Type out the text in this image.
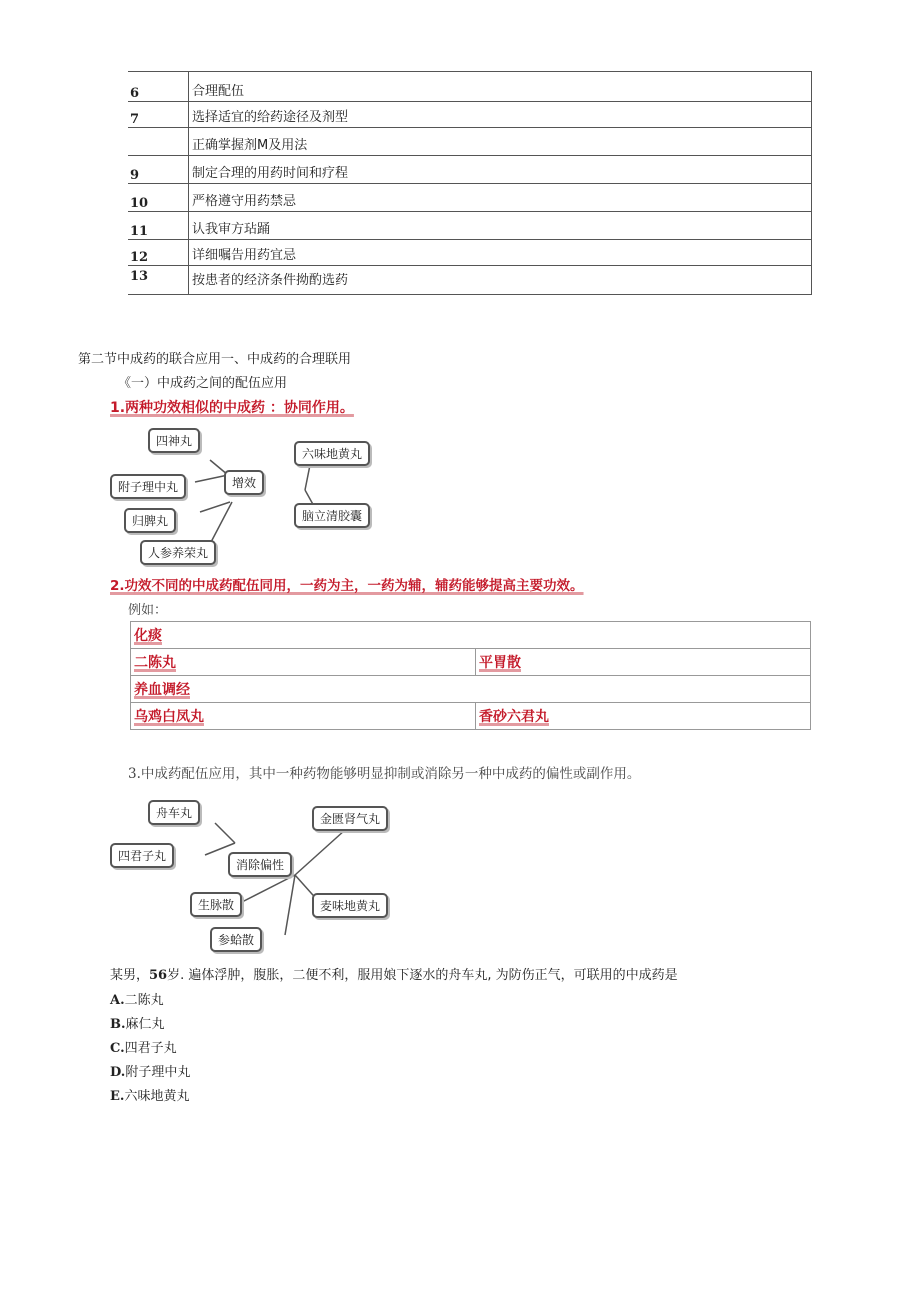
6	合理配伍
7	选择适宜的给药途径及剂型
	正确掌握剂M及用法
9	制定合理的用药时间和疗程
10	严格遵守用药禁忌
11	认我审方玷踊
12	详细嘱告用药宜忌
13	按患者的经济条件拗酌选药
第二节中成药的联合应用一、中成药的合理联用
《一）中成药之间的配伍应用
1.两种功效相似的中成药 ：协同作用。
四神丸
附子理中丸
归脾丸
人参养荣丸
增效
六味地黄丸
脑立清胶囊
2.功效不同的中成药配伍同用，一药为主，一药为辅，辅药能够提高主要功效。
例如：
化痰	
二陈丸	平胃散
养血调经	
乌鸡白凤丸	香砂六君丸
3.中成药配伍应用，其中一种药物能够明显抑制或消除另一种中成药的偏性或副作用。
舟车丸
四君子丸
金匮肾气丸
消除偏性
生脉散	麦味地黄丸
参蛤散
某男，56岁. 遍体浮肿，腹胀，二便不利，服用娘下逐水的舟车丸, 为防伤正气，可联用的中成药是
A.二陈丸
B.麻仁丸
C.四君子丸
D.附子理中丸
E.六味地黄丸
